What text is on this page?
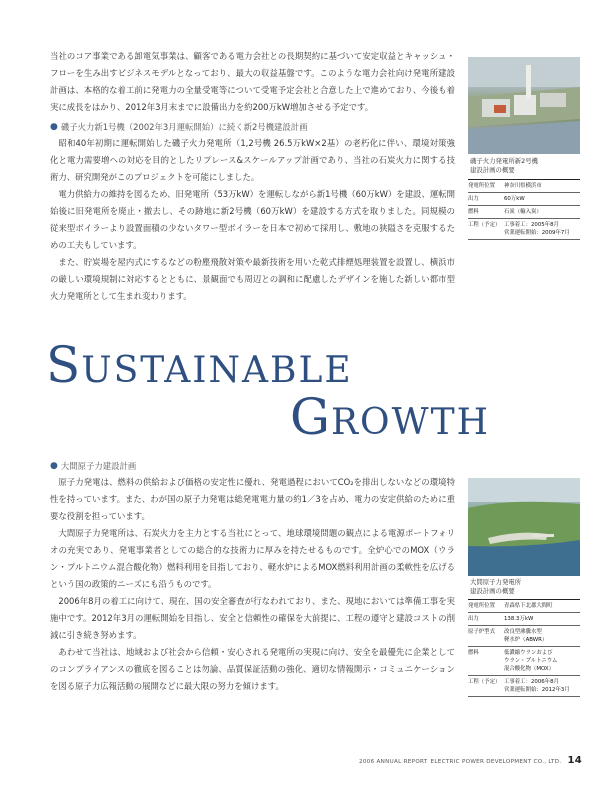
当社のコア事業である卸電気事業は、顧客である電力会社との長期契約に基づいて安定収益とキャッシュ・フローを生み出すビジネスモデルとなっており、最大の収益基盤です。このような電力会社向け発電所建設計画は、本格的な着工前に発電力の全量受電等について受電予定会社と合意した上で進めており、今後も着実に成長をはかり、2012年3月末までに設備出力を約200万kW増加させる予定です。

● 磯子火力新1号機（2002年3月運転開始）に続く新2号機建設計画

昭和40年初期に運転開始した磯子火力発電所（1,2号機 26.5万kW×2基）の老朽化に伴い、環境対策強化と電力需要増への対応を目的としたリプレース&スケールアップ計画であり、当社の石炭火力に関する技術力、研究開発がこのプロジェクトを可能にしました。

電力供給力の維持を図るため、旧発電所（53万kW）を運転しながら新1号機（60万kW）を建設、運転開始後に旧発電所を廃止・撤去し、その跡地に新2号機（60万kW）を建設する方式を取りました。同規模の従来型ボイラーより設置面積の少ないタワー型ボイラーを日本で初めて採用し、敷地の狭隘さを克服するための工夫もしています。

また、貯炭場を屋内式にするなどの粉塵飛散対策や最新技術を用いた乾式排煙処理装置を設置し、横浜市の厳しい環境規制に対応するとともに、景観面でも周辺との調和に配慮したデザインを施した新しい都市型火力発電所として生まれ変わります。

SUSTAINABLE
GROWTH

● 大間原子力建設計画

原子力発電は、燃料の供給および価格の安定性に優れ、発電過程においてCO₂を排出しないなどの環境特性を持っています。また、わが国の原子力発電は総発電電力量の約1／3を占め、電力の安定供給のために重要な役割を担っています。

大間原子力発電所は、石炭火力を主力とする当社にとって、地球環境問題の観点による電源ポートフォリオの充実であり、発電事業者としての総合的な技術力に厚みを持たせるものです。全炉心でのMOX（ウラン・プルトニウム混合酸化物）燃料利用を目指しており、軽水炉によるMOX燃料利用計画の柔軟性を広げるという国の政策的ニーズにも沿うものです。

2006年8月の着工に向けて、現在、国の安全審査が行なわれており、また、現地においては準備工事を実施中です。2012年3月の運転開始を目指し、安全と信頼性の確保を大前提に、工程の遵守と建設コストの削減に引き続き努めます。

あわせて当社は、地域および社会から信頼・安心される発電所の実現に向け、安全を最優先に企業としてのコンプライアンスの徹底を図ることは勿論、品質保証活動の強化、適切な情報開示・コミュニケーションを図る原子力広報活動の展開などに最大限の努力を傾けます。

磯子火力発電所新2号機
建設計画の概要
発電所位置	神奈川県横浜市
出力	60万kW
燃料	石炭（輸入炭）
工程（予定） 工事着工：2005年8月
営業運転開始：2009年7月
大間原子力発電所
建設計画の概要
発電所位置	青森県下北郡大間町
出力	138.3万kW
原子炉型式	改良型沸騰水型
軽水炉（ABWR）
燃料	低濃縮ウランおよび
ウラン・プルトニウム
混合酸化物（MOX）
工程（予定） 工事着工：2006年8月
営業運転開始：2012年3月
2006 ANNUAL REPORT ELECTRIC POWER DEVELOPMENT CO., LTD. 14
